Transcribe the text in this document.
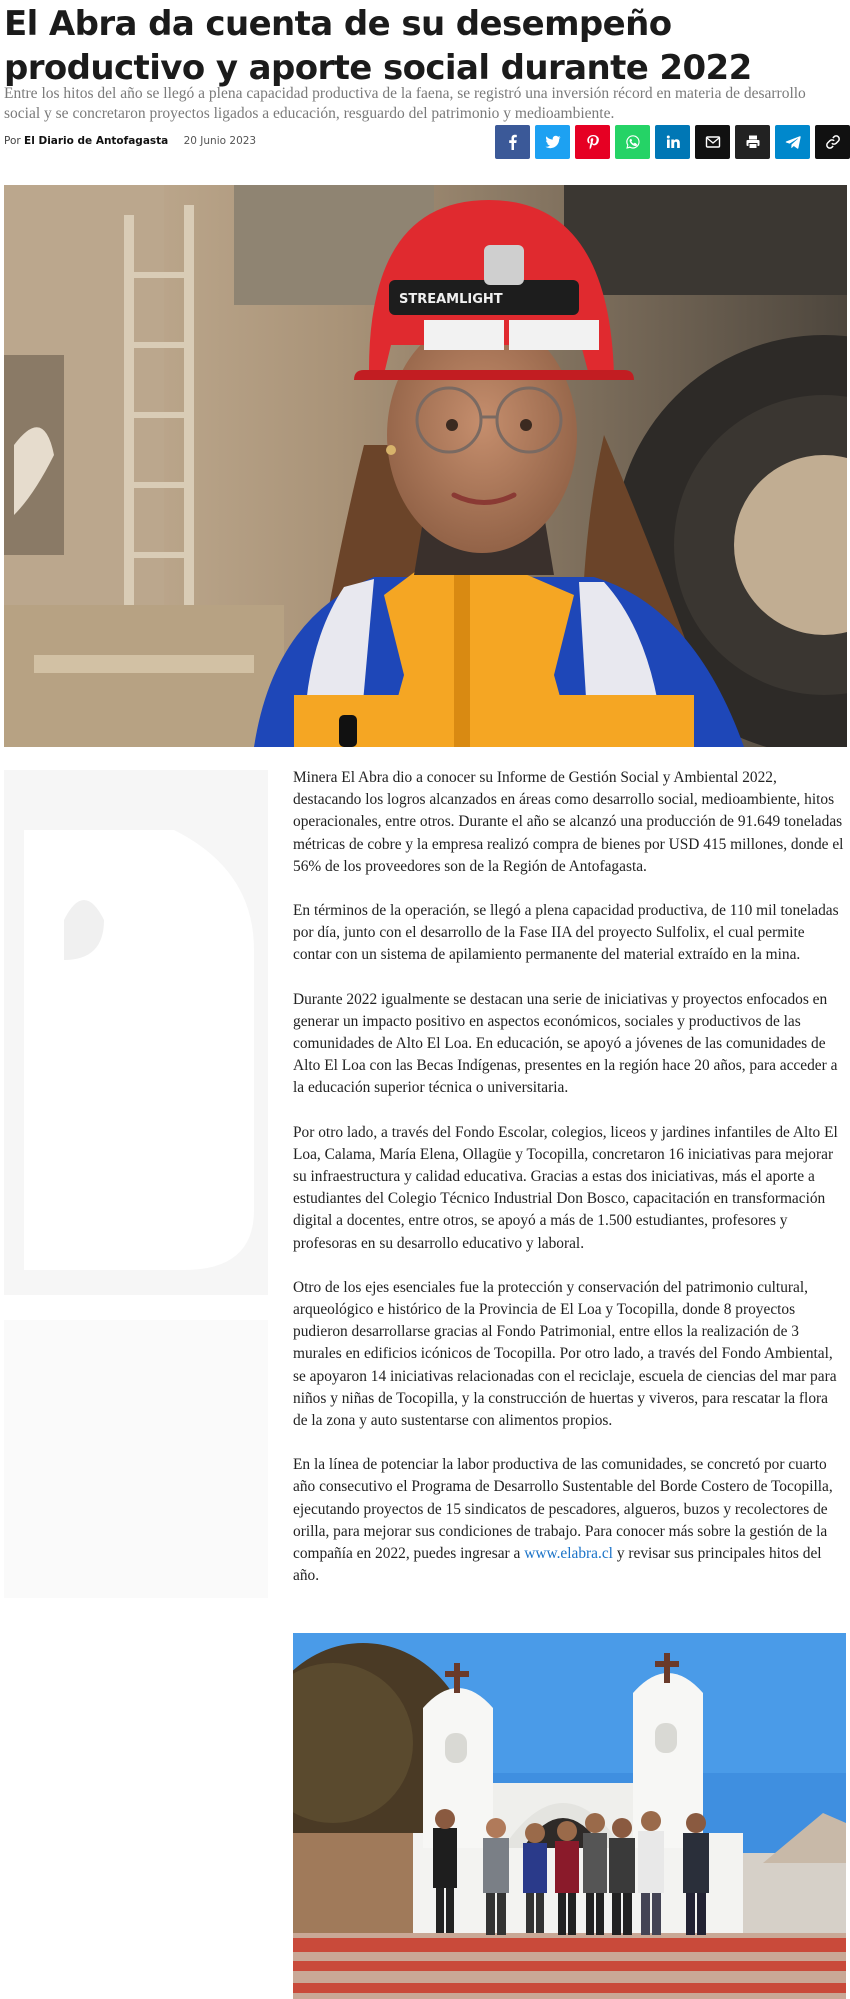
El Abra da cuenta de su desempeño productivo y aporte social durante 2022

Entre los hitos del año se llegó a plena capacidad productiva de la faena, se registró una inversión récord en materia de desarrollo social y se concretaron proyectos ligados a educación, resguardo del patrimonio y medioambiente.

Por El Diario de Antofagasta 20 Junio 2023
STREAMLIGHT

Minera El Abra dio a conocer su Informe de Gestión Social y Ambiental 2022, destacando los logros alcanzados en áreas como desarrollo social, medioambiente, hitos operacionales, entre otros. Durante el año se alcanzó una producción de 91.649 toneladas métricas de cobre y la empresa realizó compra de bienes por USD 415 millones, donde el 56% de los proveedores son de la Región de Antofagasta.

En términos de la operación, se llegó a plena capacidad productiva, de 110 mil toneladas por día, junto con el desarrollo de la Fase IIA del proyecto Sulfolix, el cual permite contar con un sistema de apilamiento permanente del material extraído en la mina.

Durante 2022 igualmente se destacan una serie de iniciativas y proyectos enfocados en generar un impacto positivo en aspectos económicos, sociales y productivos de las comunidades de Alto El Loa. En educación, se apoyó a jóvenes de las comunidades de Alto El Loa con las Becas Indígenas, presentes en la región hace 20 años, para acceder a la educación superior técnica o universitaria.

Por otro lado, a través del Fondo Escolar, colegios, liceos y jardines infantiles de Alto El Loa, Calama, María Elena, Ollagüe y Tocopilla, concretaron 16 iniciativas para mejorar su infraestructura y calidad educativa. Gracias a estas dos iniciativas, más el aporte a estudiantes del Colegio Técnico Industrial Don Bosco, capacitación en transformación digital a docentes, entre otros, se apoyó a más de 1.500 estudiantes, profesores y profesoras en su desarrollo educativo y laboral.

Otro de los ejes esenciales fue la protección y conservación del patrimonio cultural, arqueológico e histórico de la Provincia de El Loa y Tocopilla, donde 8 proyectos pudieron desarrollarse gracias al Fondo Patrimonial, entre ellos la realización de 3 murales en edificios icónicos de Tocopilla. Por otro lado, a través del Fondo Ambiental, se apoyaron 14 iniciativas relacionadas con el reciclaje, escuela de ciencias del mar para niños y niñas de Tocopilla, y la construcción de huertas y viveros, para rescatar la flora de la zona y auto sustentarse con alimentos propios.

En la línea de potenciar la labor productiva de las comunidades, se concretó por cuarto año consecutivo el Programa de Desarrollo Sustentable del Borde Costero de Tocopilla, ejecutando proyectos de 15 sindicatos de pescadores, algueros, buzos y recolectores de orilla, para mejorar sus condiciones de trabajo. Para conocer más sobre la gestión de la compañía en 2022, puedes ingresar a www.elabra.cl y revisar sus principales hitos del año.
